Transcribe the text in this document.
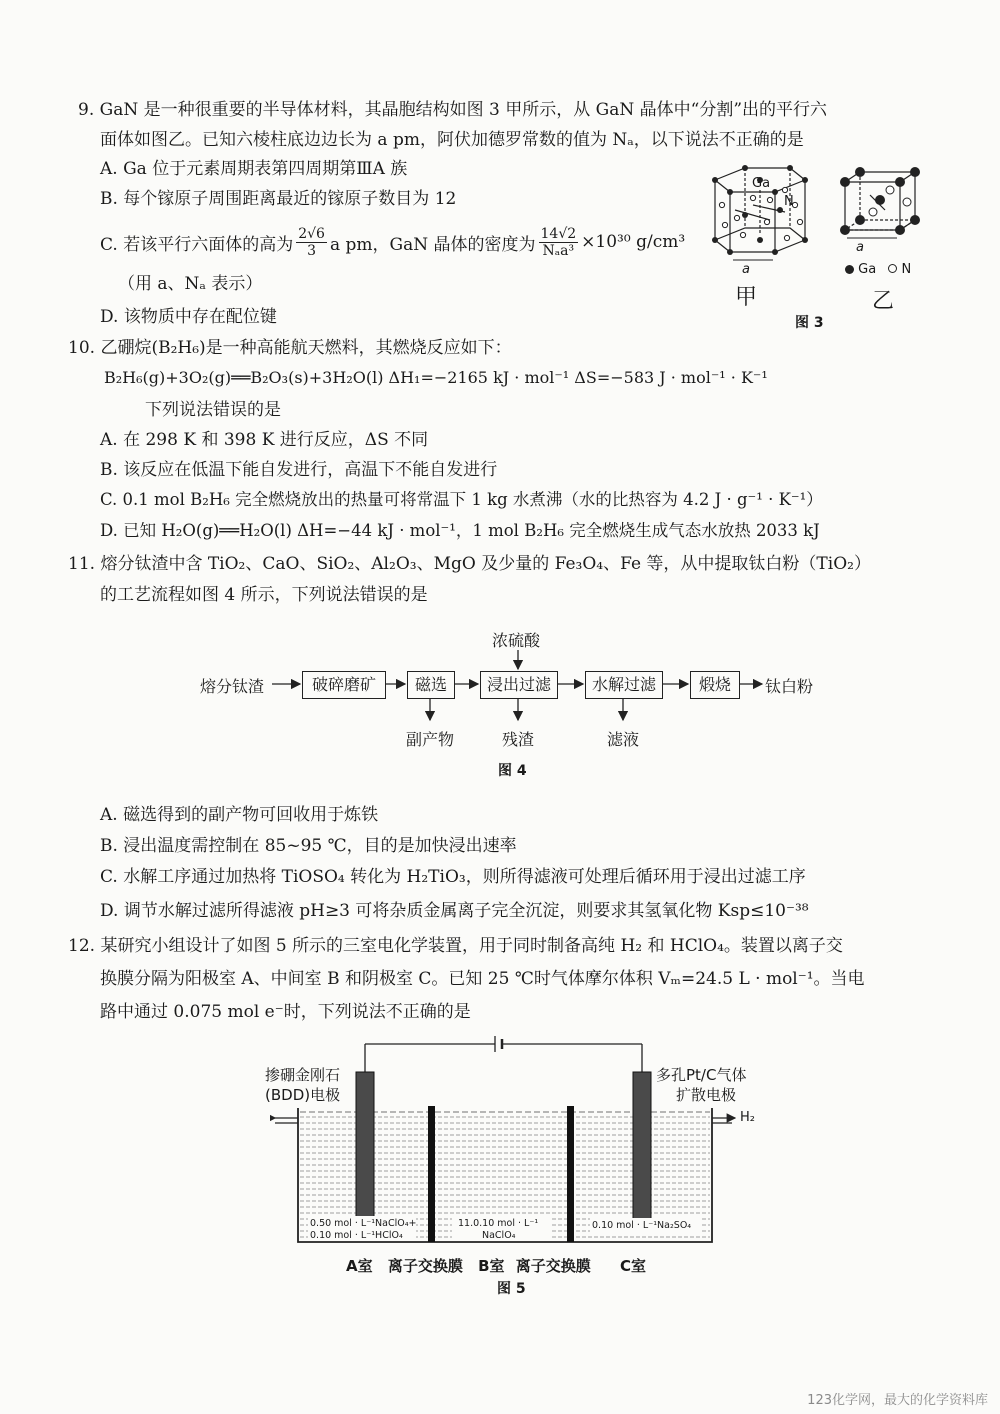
9. GaN 是一种很重要的半导体材料，其晶胞结构如图 3 甲所示，从 GaN 晶体中“分割”出的平行六
面体如图乙。已知六棱柱底边边长为 a pm，阿伏加德罗常数的值为 Nₐ，以下说法不正确的是
A. Ga 位于元素周期表第四周期第ⅢA 族
B. 每个镓原子周围距离最近的镓原子数目为 12
C. 若该平行六面体的高为 $\frac{2√6}{3}$ a pm，GaN 晶体的密度为
14√2
Nₐa³ ×10³⁰ g/cm³
（用 a、Nₐ 表示）
D. 该物质中存在配位键
Ga
N
a
a
Ga N
甲	乙
图 3
10. 乙硼烷(B₂H₆)是一种高能航天燃料，其燃烧反应如下：
B₂H₆(g)+3O₂(g)══B₂O₃(s)+3H₂O(l) ΔH₁=−2165 kJ · mol⁻¹ ΔS=−583 J · mol⁻¹ · K⁻¹
下列说法错误的是
A. 在 298 K 和 398 K 进行反应，ΔS 不同
B. 该反应在低温下能自发进行，高温下不能自发进行
C. 0.1 mol B₂H₆ 完全燃烧放出的热量可将常温下 1 kg 水煮沸（水的比热容为 4.2 J · g⁻¹ · K⁻¹）
D. 已知 H₂O(g)══H₂O(l) ΔH=−44 kJ · mol⁻¹，1 mol B₂H₆ 完全燃烧生成气态水放热 2033 kJ
11. 熔分钛渣中含 TiO₂、CaO、SiO₂、Al₂O₃、MgO 及少量的 Fe₃O₄、Fe 等，从中提取钛白粉（TiO₂）
的工艺流程如图 4 所示，下列说法错误的是
熔分钛渣	破碎磨矿	磁选	浸出过滤	水解过滤	煅烧	钛白粉
浓硫酸
副产物	残渣	滤液
图 4
A. 磁选得到的副产物可回收用于炼铁
B. 浸出温度需控制在 85~95 ℃，目的是加快浸出速率
C. 水解工序通过加热将 TiOSO₄ 转化为 H₂TiO₃，则所得滤液可处理后循环用于浸出过滤工序
D. 调节水解过滤所得滤液 pH≥3 可将杂质金属离子完全沉淀，则要求其氢氧化物 Ksp≤10⁻³⁸
12. 某研究小组设计了如图 5 所示的三室电化学装置，用于同时制备高纯 H₂ 和 HClO₄。装置以离子交
换膜分隔为阳极室 A、中间室 B 和阴极室 C。已知 25 ℃时气体摩尔体积 Vₘ=24.5 L · mol⁻¹。当电
路中通过 0.075 mol e⁻时，下列说法不正确的是
掺硼金刚石
(BDD)电极
多孔Pt/C气体
扩散电极
H₂
0.50 mol · L⁻¹NaClO₄+
0.10 mol · L⁻¹HClO₄
11.0.10 mol · L⁻¹
NaClO₄
0.10 mol · L⁻¹Na₂SO₄
A室 离子交换膜 B室 离子交换膜 C室
图 5
123化学网，最大的化学资料库
